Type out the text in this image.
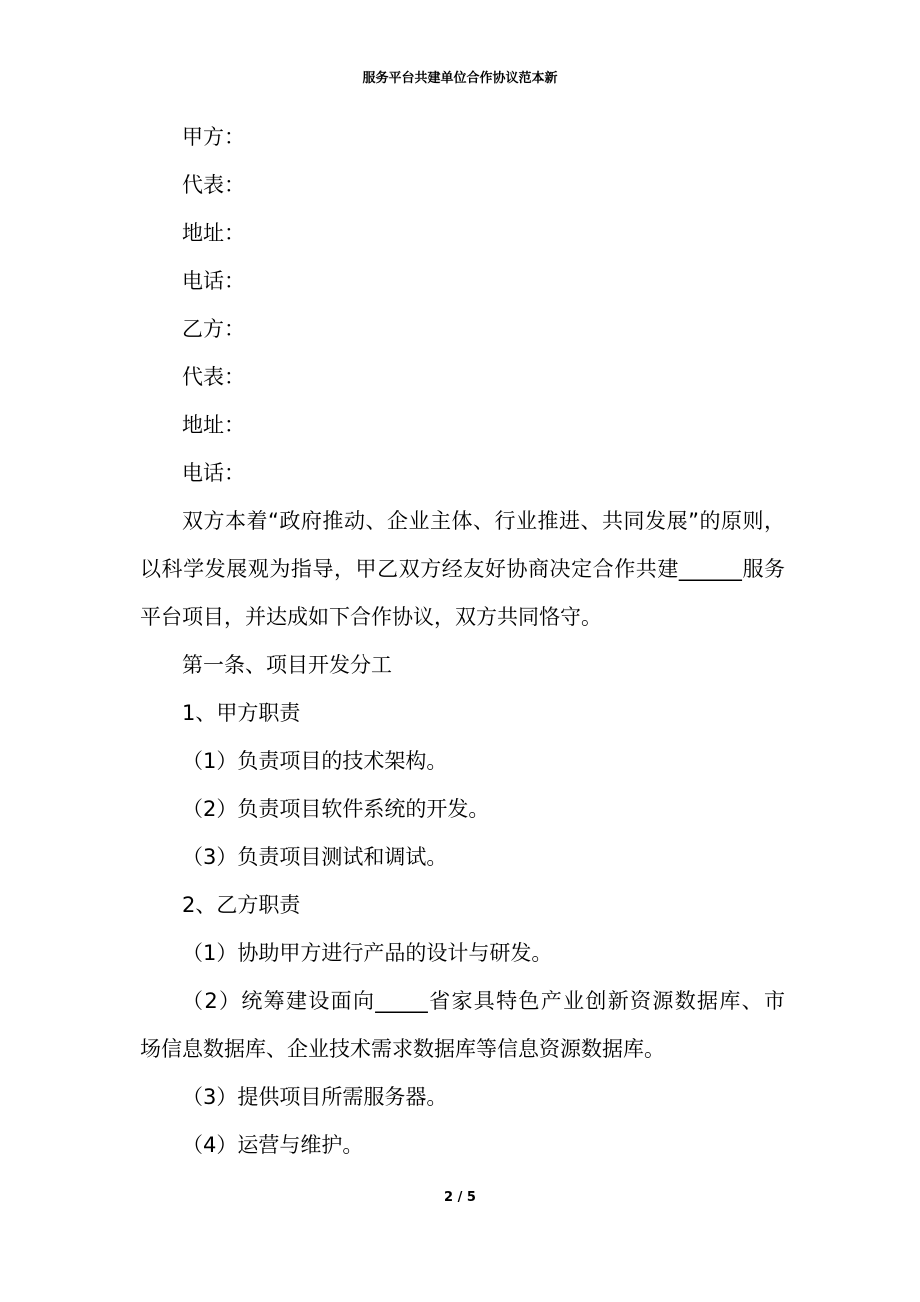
服务平台共建单位合作协议范本新
甲方：
代表：
地址：
电话：
乙方：
代表：
地址：
电话：
双方本着“政府推动、企业主体、行业推进、共同发展”的原则，
以科学发展观为指导，甲乙双方经友好协商决定合作共建______服务
平台项目，并达成如下合作协议，双方共同恪守。
第一条、项目开发分工
1、甲方职责
（1）负责项目的技术架构。
（2）负责项目软件系统的开发。
（3）负责项目测试和调试。
2、乙方职责
（1）协助甲方进行产品的设计与研发。
（2）统筹建设面向_____省家具特色产业创新资源数据库、市
场信息数据库、企业技术需求数据库等信息资源数据库。
（3）提供项目所需服务器。
（4）运营与维护。
2 / 5
